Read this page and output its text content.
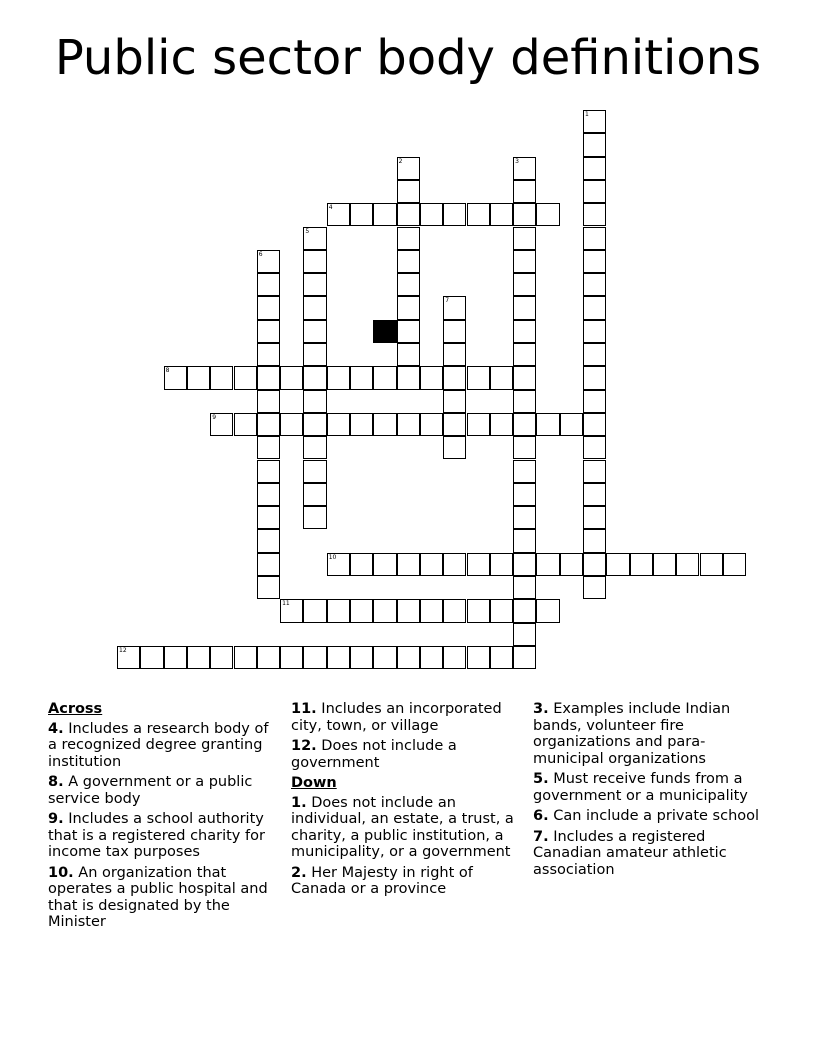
Public sector body definitions
4
8
9
10
11
12
1
2	3
5
6
7
Across
4. Includes a research body of a recognized degree granting institution
8. A government or a public service body
9. Includes a school authority that is a registered charity for income tax purposes
10. An organization that operates a public hospital and that is designated by the Minister
11. Includes an incorporated city, town, or village
12. Does not include a government
Down
1. Does not include an individual, an estate, a trust, a charity, a public institution, a municipality, or a government
2. Her Majesty in right of Canada or a province
3. Examples include Indian bands, volunteer fire organizations and para-municipal organizations
5. Must receive funds from a government or a municipality
6. Can include a private school
7. Includes a registered Canadian amateur athletic association
